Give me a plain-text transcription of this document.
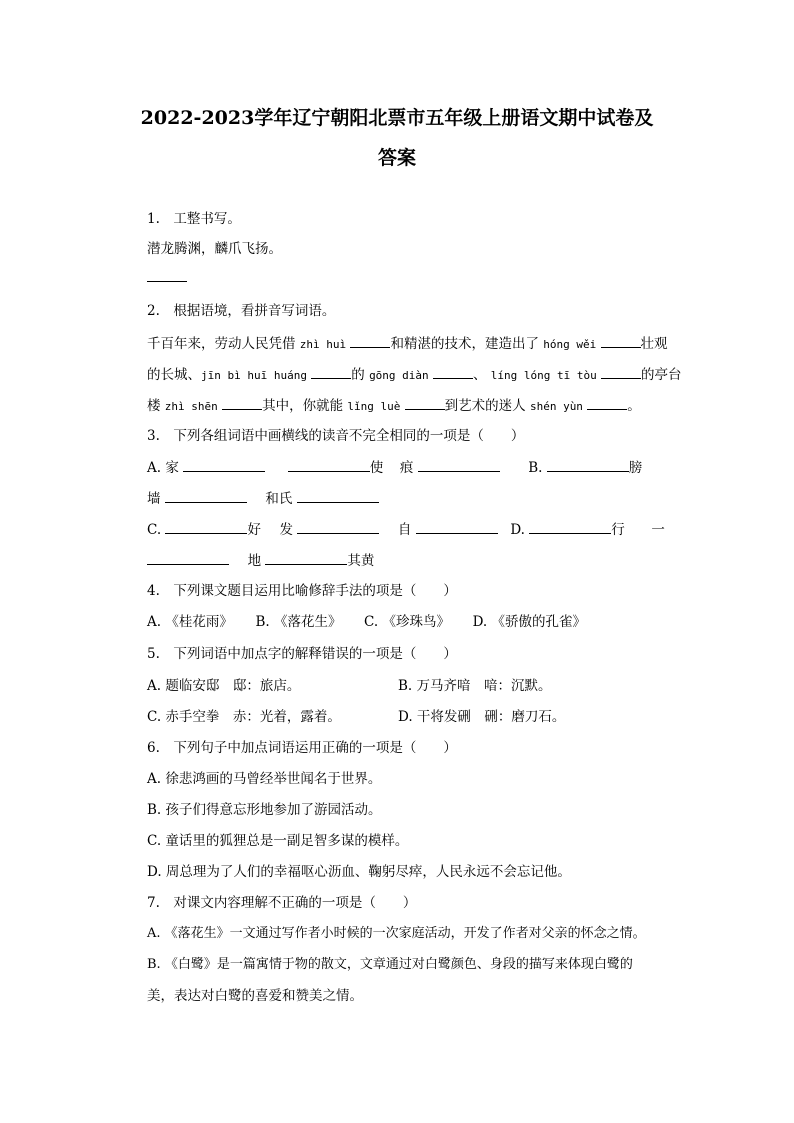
2022-2023学年辽宁朝阳北票市五年级上册语文期中试卷及
答案
1.　工整书写。
潜龙腾渊，麟爪飞扬。
2.　根据语境，看拼音写词语。
千百年来，劳动人民凭借 zhì huì	和精湛的技术，建造出了 hóng wěi	壮观
的长城、jīn bì huī huáng	的 gōng diàn	、 líng lóng tī tòu	的亭台
楼 zhì shēn	其中，你就能 lǐng luè	到艺术的迷人 shén yùn	。
3.　下列各组词语中画横线的读音不完全相同的一项是（　　）
A. 家	使 痕	B.	膀
墙	和氏
C.	好 发	自	D.	行 一
地	其黄
4.　下列课文题目运用比喻修辞手法的项是（　　）
A. 《桂花雨》 B. 《落花生》 C. 《珍珠鸟》 D. 《骄傲的孔雀》
5.　下列词语中加点字的解释错误的一项是（　　）
A. 题临安邸　邸：旅店。	B. 万马齐喑　喑：沉默。
C. 赤手空拳　赤：光着，露着。	D. 干将发硎　硎：磨刀石。
6.　下列句子中加点词语运用正确的一项是（　　）
A. 徐悲鸿画的马曾经举世闻名于世界。
B. 孩子们得意忘形地参加了游园活动。
C. 童话里的狐狸总是一副足智多谋的模样。
D. 周总理为了人们的幸福呕心沥血、鞠躬尽瘁，人民永远不会忘记他。
7.　对课文内容理解不正确的一项是（　　）
A. 《落花生》一文通过写作者小时候的一次家庭活动，开发了作者对父亲的怀念之情。
B. 《白鹭》是一篇寓情于物的散文，文章通过对白鹭颜色、身段的描写来体现白鹭的
美，表达对白鹭的喜爱和赞美之情。
